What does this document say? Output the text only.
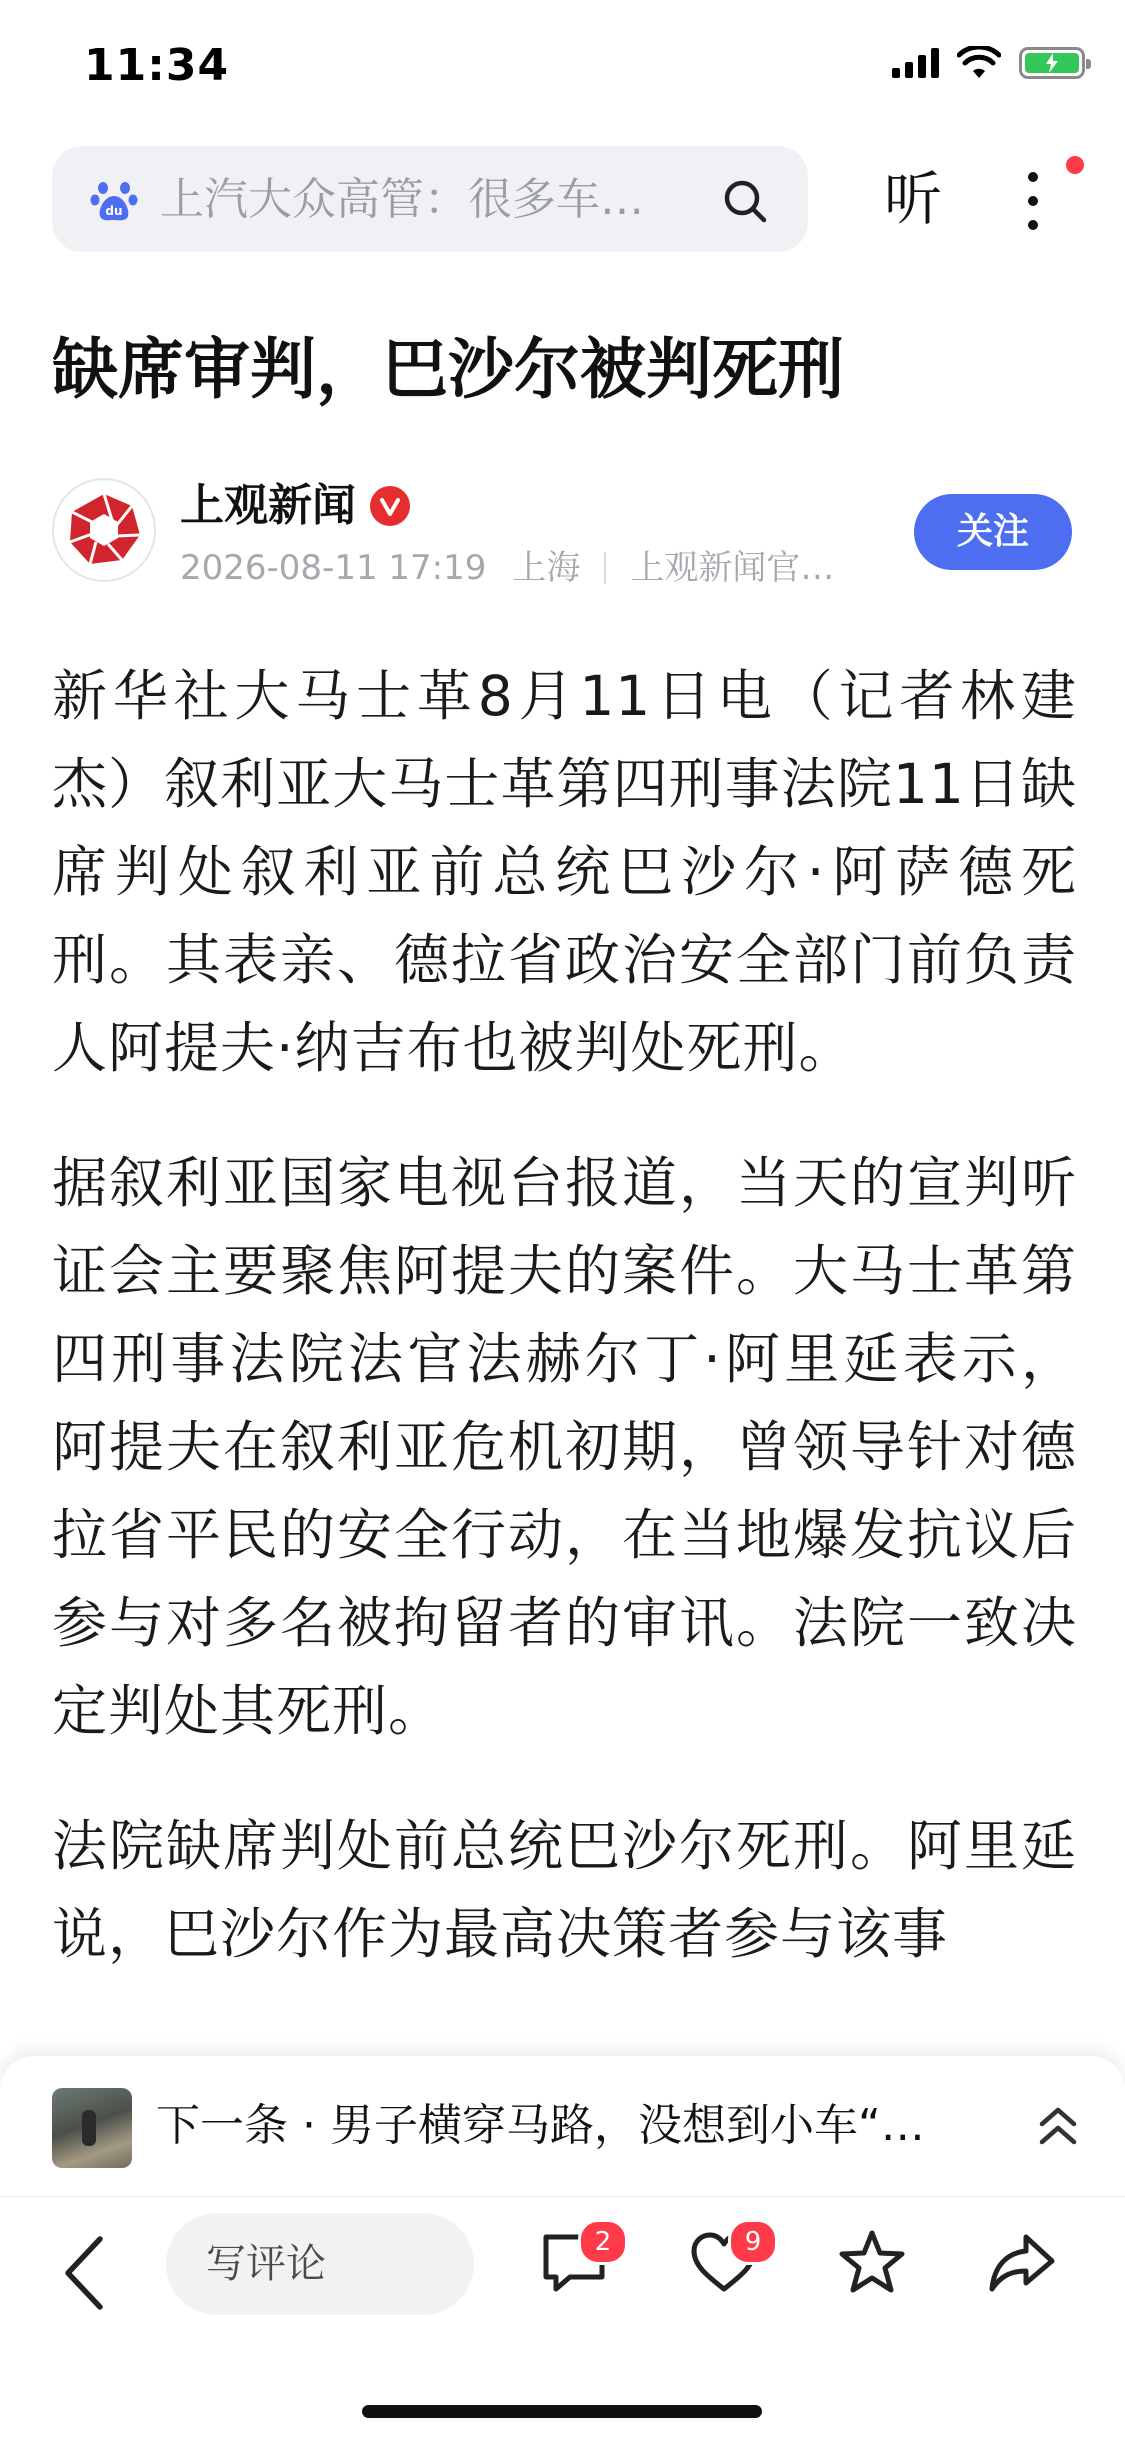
11:34
du 上汽大众高管：很多车…	听
缺席审判，巴沙尔被判死刑
上观新闻
2026-08-11 17:19 上海 上观新闻官…
关注

新华社大马士革8月11日电（记者林建杰）叙利亚大马士革第四刑事法院11日缺席判处叙利亚前总统巴沙尔·阿萨德死刑。其表亲、德拉省政治安全部门前负责人阿提夫·纳吉布也被判处死刑。

据叙利亚国家电视台报道，当天的宣判听证会主要聚焦阿提夫的案件。大马士革第四刑事法院法官法赫尔丁·阿里延表示，阿提夫在叙利亚危机初期，曾领导针对德拉省平民的安全行动，在当地爆发抗议后参与对多名被拘留者的审讯。法院一致决定判处其死刑。

法院缺席判处前总统巴沙尔死刑。阿里延说，巴沙尔作为最高决策者参与该事

下一条 · 男子横穿马路，没想到小车“…
写评论	2	9
